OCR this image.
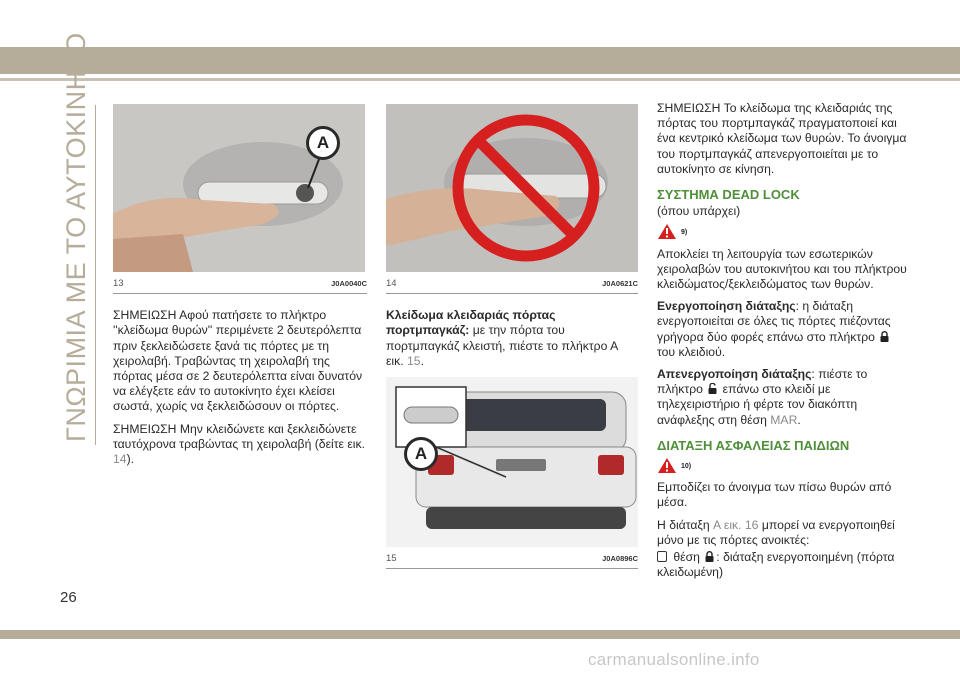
ΓΝΩΡΙΜΙΑ ΜΕ ΤΟ ΑΥΤΟΚΙΝΗΤΟ	A
13	J0A0040C

ΣΗΜΕΙΩΣΗ Αφού πατήσετε το πλήκτρο ''κλείδωμα θυρών'' περιμένετε 2 δευτερόλεπτα πριν ξεκλειδώσετε ξανά τις πόρτες με τη χειρολαβή. Τραβώντας τη χειρολαβή της πόρτας μέσα σε 2 δευτερόλεπτα είναι δυνατόν να ελέγξετε εάν το αυτοκίνητο έχει κλείσει σωστά, χωρίς να ξεκλειδώσουν οι πόρτες.

ΣΗΜΕΙΩΣΗ Μην κλειδώνετε και ξεκλειδώνετε ταυτόχρονα τραβώντας τη χειρολαβή (δείτε εικ. 14).

14	J0A0621C

Κλείδωμα κλειδαριάς πόρτας πορτμπαγκάζ: με την πόρτα του πορτμπαγκάζ κλειστή, πιέστε το πλήκτρο Α εικ. 15.

A
15	J0A0896C

ΣΗΜΕΙΩΣΗ Το κλείδωμα της κλειδαριάς της πόρτας του πορτμπαγκάζ πραγματοποιεί και ένα κεντρικό κλείδωμα των θυρών. Το άνοιγμα του πορτμπαγκάζ απενεργοποιείται με το αυτοκίνητο σε κίνηση.

ΣΥΣΤΗΜΑ DEAD LOCK
(όπου υπάρχει)
9)

Αποκλείει τη λειτουργία των εσωτερικών χειρολαβών του αυτοκινήτου και του πλήκτρου κλειδώματος/ξεκλειδώματος των θυρών.

Ενεργοποίηση διάταξης: η διάταξη ενεργοποιείται σε όλες τις πόρτες πιέζοντας γρήγορα δύο φορές επάνω στο πλήκτρο  του κλειδιού.

Απενεργοποίηση διάταξης: πιέστε το πλήκτρο  επάνω στο κλειδί με τηλεχειριστήριο ή φέρτε τον διακόπτη ανάφλεξης στη θέση MAR.

ΔΙΑΤΑΞΗ ΑΣΦΑΛΕΙΑΣ ΠΑΙΔΙΩΝ
10)

Εμποδίζει το άνοιγμα των πίσω θυρών από μέσα.

Η διάταξη A εικ. 16 μπορεί να ενεργοποιηθεί μόνο με τις πόρτες ανοικτές:

θέση : διάταξη ενεργοποιημένη (πόρτα κλειδωμένη)

26
carmanualsonline.info
